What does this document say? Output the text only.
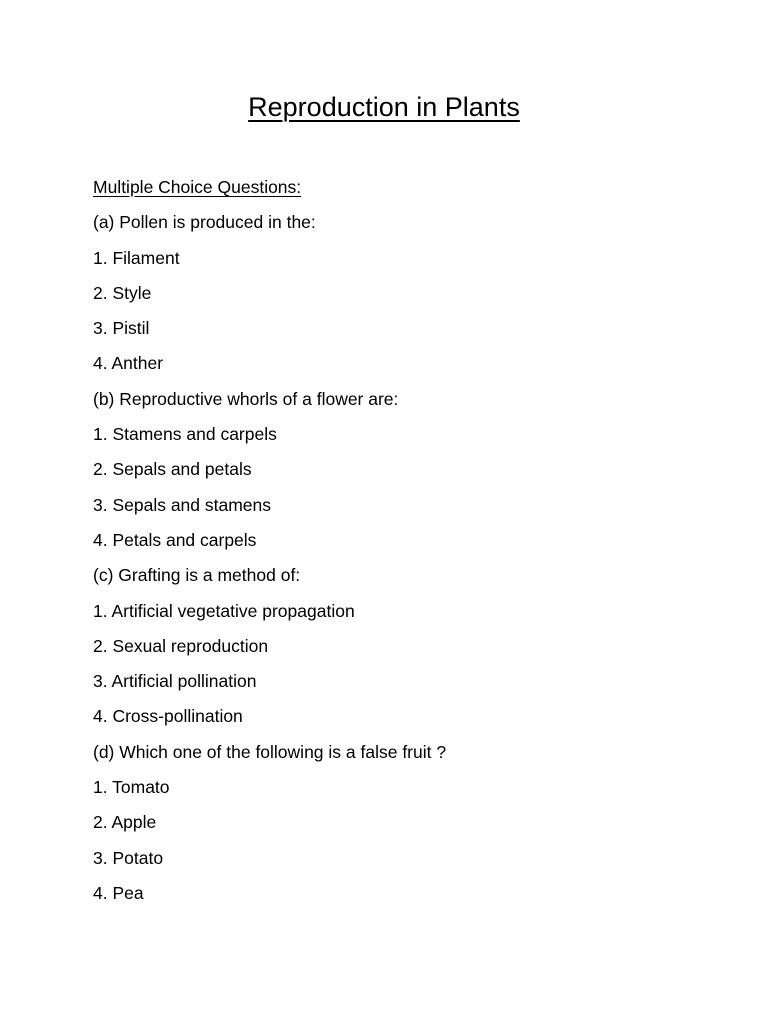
Reproduction in Plants
Multiple Choice Questions:
(a) Pollen is produced in the:
1. Filament
2. Style
3. Pistil
4. Anther
(b) Reproductive whorls of a flower are:
1. Stamens and carpels
2. Sepals and petals
3. Sepals and stamens
4. Petals and carpels
(c) Grafting is a method of:
1. Artificial vegetative propagation
2. Sexual reproduction
3. Artificial pollination
4. Cross-pollination
(d) Which one of the following is a false fruit ?
1. Tomato
2. Apple
3. Potato
4. Pea
